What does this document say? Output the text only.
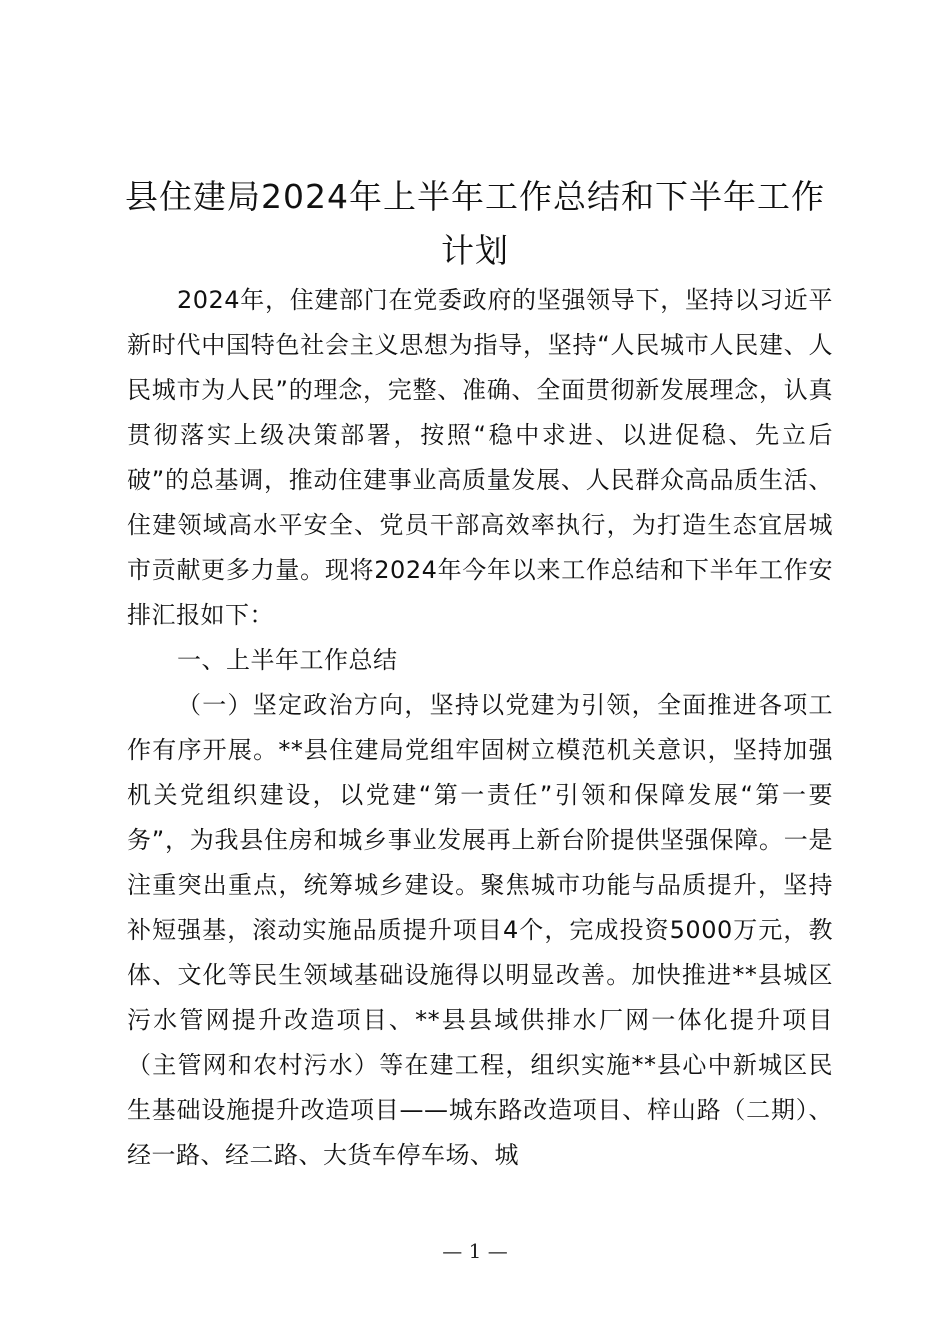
县住建局2024年上半年工作总结和下半年工作计划

2024年，住建部门在党委政府的坚强领导下，坚持以习近平新时代中国特色社会主义思想为指导，坚持“人民城市人民建、人民城市为人民”的理念，完整、准确、全面贯彻新发展理念，认真贯彻落实上级决策部署，按照“稳中求进、以进促稳、先立后破”的总基调，推动住建事业高质量发展、人民群众高品质生活、住建领域高水平安全、党员干部高效率执行，为打造生态宜居城市贡献更多力量。现将2024年今年以来工作总结和下半年工作安排汇报如下：

一、上半年工作总结

（一）坚定政治方向，坚持以党建为引领，全面推进各项工作有序开展。**县住建局党组牢固树立模范机关意识，坚持加强机关党组织建设，以党建“第一责任”引领和保障发展“第一要务”，为我县住房和城乡事业发展再上新台阶提供坚强保障。一是注重突出重点，统筹城乡建设。聚焦城市功能与品质提升，坚持补短强基，滚动实施品质提升项目4个，完成投资5000万元，教体、文化等民生领域基础设施得以明显改善。加快推进**县城区污水管网提升改造项目、**县县域供排水厂网一体化提升项目（主管网和农村污水）等在建工程，组织实施**县心中新城区民生基础设施提升改造项目——城东路改造项目、梓山路（二期）、经一路、经二路、大货车停车场、城

— 1 —
